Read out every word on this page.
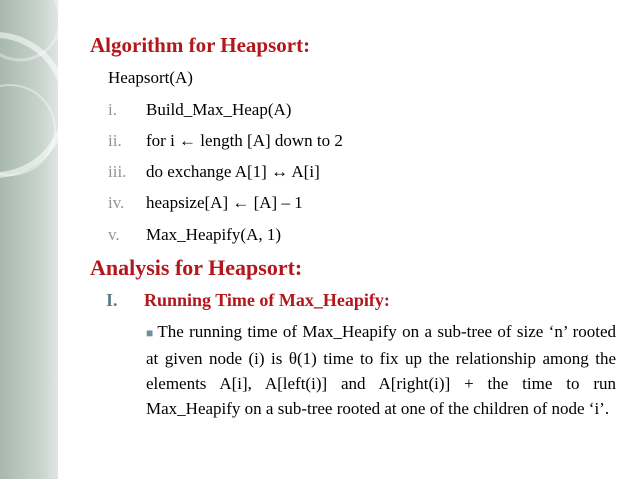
Algorithm for Heapsort:
Heapsort(A)
i. Build_Max_Heap(A)
ii. for i ← length [A] down to 2
iii. do exchange A[1] ↔ A[i]
iv. heapsize[A] ← [A] – 1
v. Max_Heapify(A, 1)
Analysis for Heapsort:
I. Running Time of Max_Heapify:
■ The running time of Max_Heapify on a sub-tree of size ‘n’ rooted at given node (i) is θ(1) time to fix up the relationship among the elements A[i], A[left(i)] and A[right(i)] + the time to run Max_Heapify on a sub-tree rooted at one of the children of node ‘i’.
